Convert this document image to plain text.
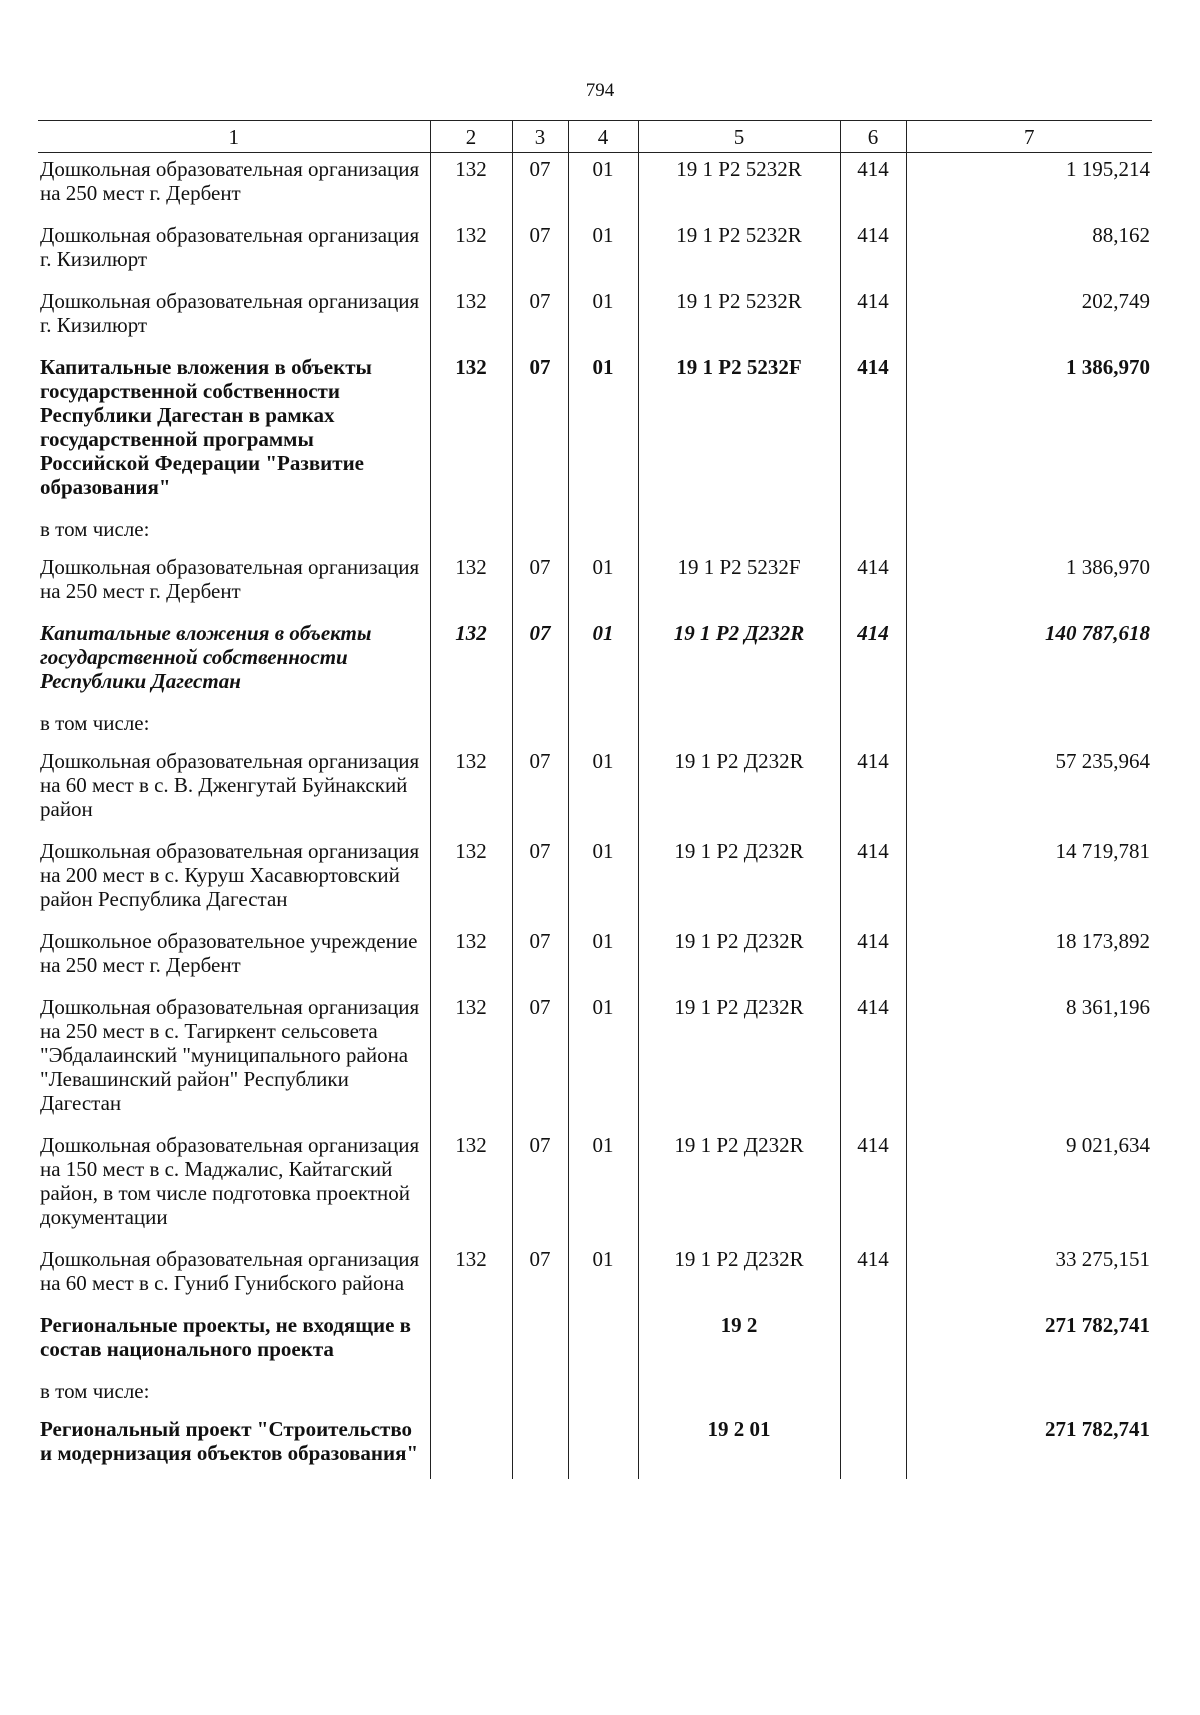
794
1	2	3	4	5	6	7
Дошкольная образовательная организация на 250 мест г. Дербент	132	07	01	19 1 Р2 5232R	414	1 195,214
Дошкольная образовательная организация г. Кизилюрт	132	07	01	19 1 Р2 5232R	414	88,162
Дошкольная образовательная организация г. Кизилюрт	132	07	01	19 1 Р2 5232R	414	202,749
Капитальные вложения в объекты государственной собственности Республики Дагестан в рамках государственной программы Российской Федерации "Развитие образования"	132	07	01	19 1 Р2 5232F	414	1 386,970
в том числе:						
Дошкольная образовательная организация на 250 мест г. Дербент	132	07	01	19 1 Р2 5232F	414	1 386,970
Капитальные вложения в объекты государственной собственности Республики Дагестан	132	07	01	19 1 Р2 Д232R	414	140 787,618
в том числе:						
Дошкольная образовательная организация на 60 мест в с. В. Дженгутай Буйнакский район	132	07	01	19 1 Р2 Д232R	414	57 235,964
Дошкольная образовательная организация на 200 мест в с. Куруш Хасавюртовский район Республика Дагестан	132	07	01	19 1 Р2 Д232R	414	14 719,781
Дошкольное образовательное учреждение на 250 мест г. Дербент	132	07	01	19 1 Р2 Д232R	414	18 173,892
Дошкольная образовательная организация на 250 мест в с. Тагиркент сельсовета "Эбдалаинский "муниципального района "Левашинский район" Республики Дагестан	132	07	01	19 1 Р2 Д232R	414	8 361,196
Дошкольная образовательная организация на 150 мест в с. Маджалис, Кайтагский район, в том числе подготовка проектной документации	132	07	01	19 1 Р2 Д232R	414	9 021,634
Дошкольная образовательная организация на 60 мест в с. Гуниб Гунибского района	132	07	01	19 1 Р2 Д232R	414	33 275,151
Региональные проекты, не входящие в состав национального проекта				19 2		271 782,741
в том числе:						
Региональный проект "Строительство и модернизация объектов образования"				19 2 01		271 782,741
